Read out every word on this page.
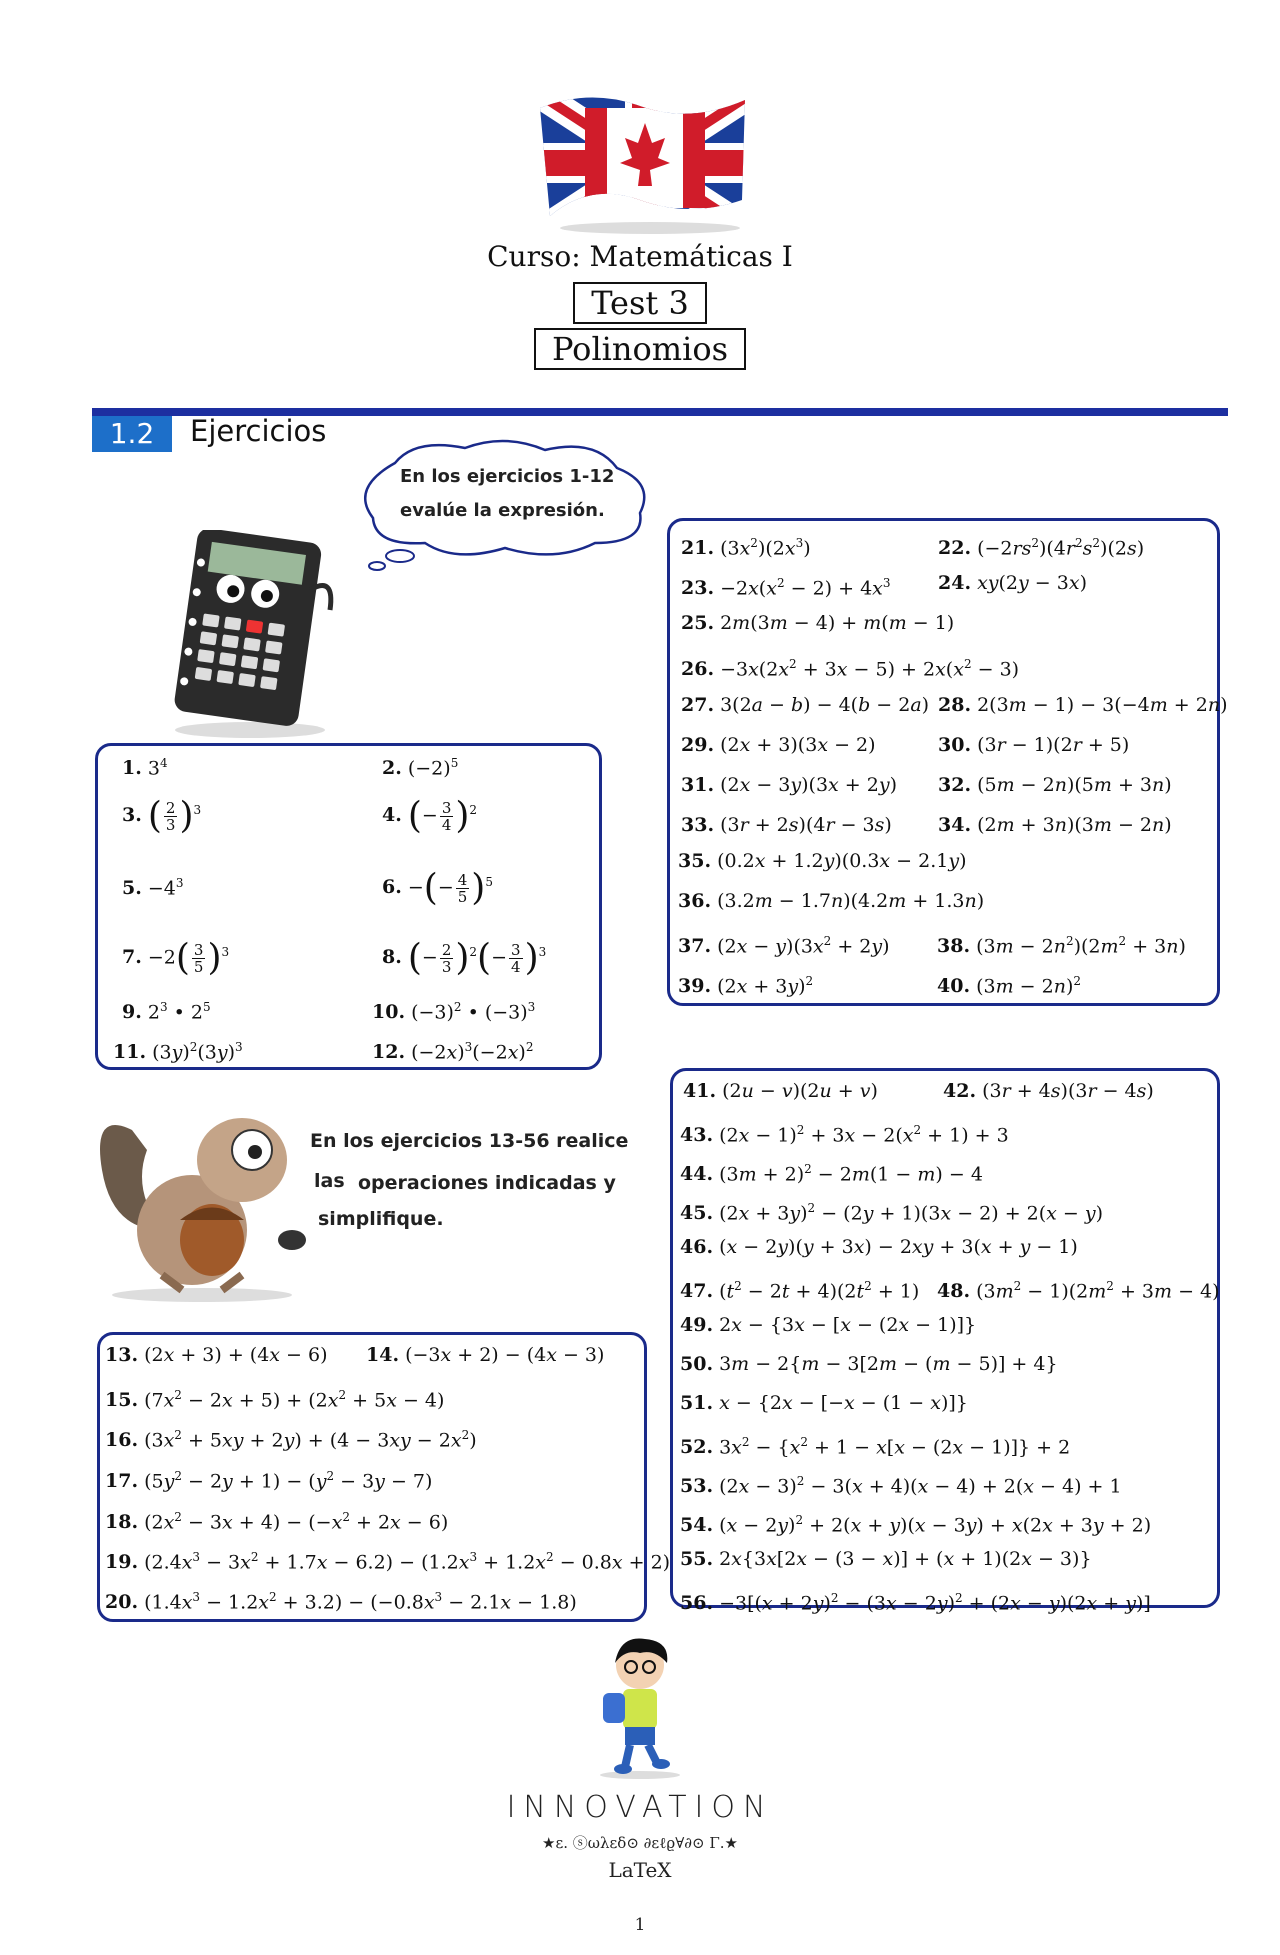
Curso: Matemáticas I
Test 3
Polinomios
1.2	Ejercicios
En los ejercicios 1-12
evalúe la expresión.
1. $3^4$	2. $(-2)^5$
3. ( $\frac{2}{3} )^3$	4. (− $\frac{3}{4} )^2$
5. $-4^3$	6. −(− $\frac{4}{5} )^5$
7. $-2( \frac{3}{5} )^3$	8. (− $\frac{2}{3} )^2(- \frac{3}{4} )^3$
9. $2^3$ • $2^5$	10. $(-3)^2$ • $(-3)^3$
11. $(3y)^2(3y)^3$	12. $(-2x)^3(-2x)^2$
En los ejercicios 13-56 realice
las operaciones indicadas y
simplifique.
13. (2x + 3) + (4x − 6) 14. (−3x + 2) − (4x − 3)
15. $(7x^2 - 2x + 5) + (2x^2 + 5x - 4)$
16. $(3x^2 + 5xy + 2y) + (4 - 3xy - 2x^2)$
17. $(5y^2 - 2y + 1) - (y^2 - 3y - 7)$
18. $(2x^2 - 3x + 4) - (-x^2 + 2x - 6)$
19. $(2.4x^3 - 3x^2 + 1.7x - 6.2) - (1.2x^3 + 1.2x^2 - 0.8x + 2)$
20. $(1.4x^3 - 1.2x^2 + 3.2) - (-0.8x^3 - 2.1x - 1.8)$
21. $(3x^2)(2x^3)$	22. $(-2rs^2)(4r^2s^2)(2s)$
23. $-2x(x^2 - 2) + 4x^3$ 24. xy(2y − 3x)
25. 2m(3m − 4) + m(m − 1)
26. $-3x(2x^2 + 3x - 5) + 2x(x^2 - 3)$
27. 3(2a − b) − 4(b − 2a) 28. 2(3m − 1) − 3(−4m + 2n)
29. (2x + 3)(3x − 2)	30. (3r − 1)(2r + 5)
31. (2x − 3y)(3x + 2y) 32. (5m − 2n)(5m + 3n)
33. (3r + 2s)(4r − 3s) 34. (2m + 3n)(3m − 2n)
35. (0.2x + 1.2y)(0.3x − 2.1y)
36. (3.2m − 1.7n)(4.2m + 1.3n)
37. $(2x - y)(3x^2 + 2y)$ 38. $(3m - 2n^2)(2m^2 + 3n)$
39. $(2x + 3y)^2$	40. $(3m - 2n)^2$
41. (2u − v)(2u + v)	42. (3r + 4s)(3r − 4s)
43. $(2x - 1)^2 + 3x - 2(x^2 + 1) + 3$
44. $(3m + 2)^2 - 2m(1 - m) - 4$
45. $(2x + 3y)^2 - (2y + 1)(3x - 2) + 2(x - y)$
46. (x − 2y)(y + 3x) − 2xy + 3(x + y − 1)
47. $(t^2 - 2t + 4)(2t^2 + 1)$ 48. $(3m^2 - 1)(2m^2 + 3m - 4)$
49. 2x − {3x − [x − (2x − 1)]}
50. 3m − 2{m − 3[2m − (m − 5)] + 4}
51. x − {2x − [−x − (1 − x)]}
52. $3x^2 - \{x^2 + 1 - x[x - (2x - 1)]\} + 2$
53. $(2x - 3)^2 - 3(x + 4)(x - 4) + 2(x - 4) + 1$
54. $(x - 2y)^2 + 2(x + y)(x - 3y) + x(2x + 3y + 2)$
55. 2x{3x[2x − (3 − x)] + (x + 1)(2x − 3)}
56. $-3[(x + 2y)^2 - (3x - 2y)^2 + (2x - y)(2x + y)]$
INNOVATION
★ε. ⓢωλεδ⊙ ∂εℓϱ∀∂⊙ Γ.★
LaTeX
1
